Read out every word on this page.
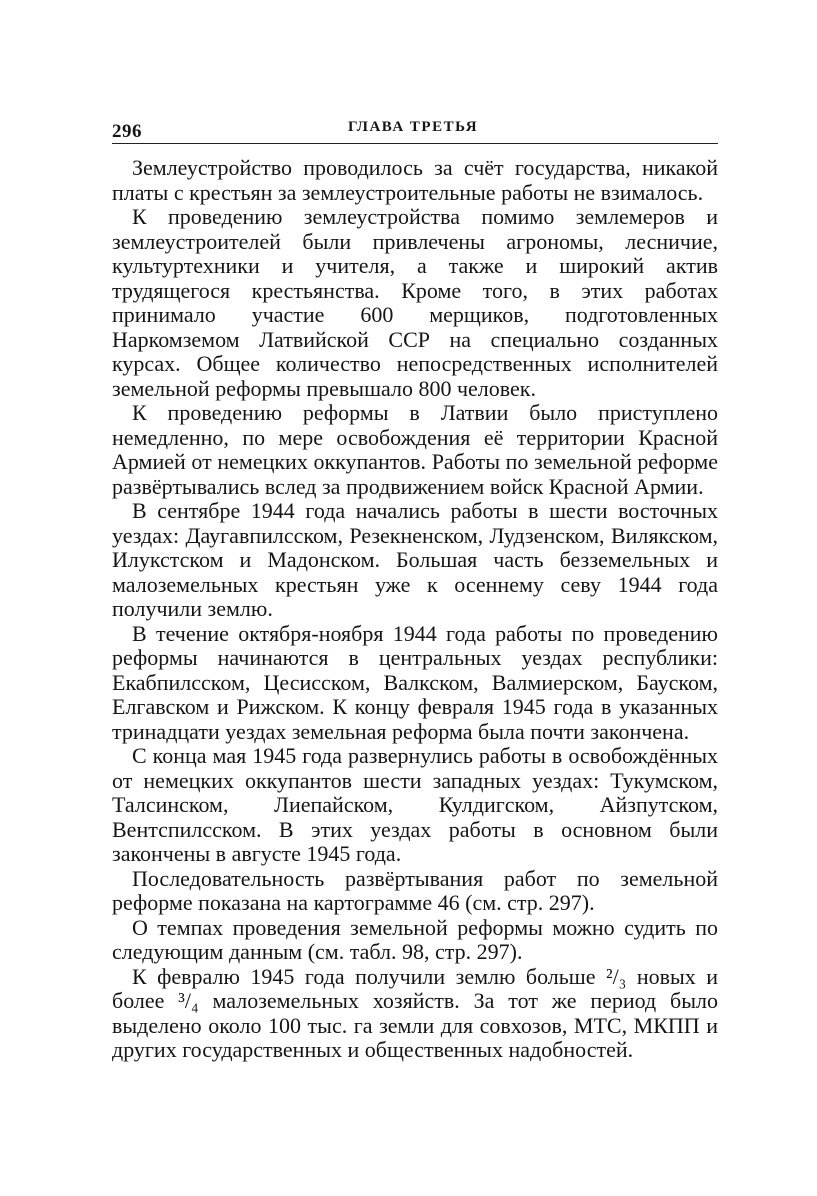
296	ГЛАВА ТРЕТЬЯ

Землеустройство проводилось за счёт государства, никакой платы с крестьян за землеустроительные работы не взималось.

К проведению землеустройства помимо землемеров и землеустроителей были привлечены агрономы, лесничие, культуртехники и учителя, а также и широкий актив трудящегося крестьянства. Кроме того, в этих работах принимало участие 600 мерщиков, подготовленных Наркомземом Латвийской ССР на специально созданных курсах. Общее количество непосредственных исполнителей земельной реформы превышало 800 человек.

К проведению реформы в Латвии было приступлено немедленно, по мере освобождения её территории Красной Армией от немецких оккупантов. Работы по земельной реформе развёртывались вслед за продвижением войск Красной Армии.

В сентябре 1944 года начались работы в шести восточных уездах: Даугавпилсском, Резекненском, Лудзенском, Вилякском, Илукстском и Мадонском. Большая часть безземельных и малоземельных крестьян уже к осеннему севу 1944 года получили землю.

В течение октября-ноября 1944 года работы по проведению реформы начинаются в центральных уездах республики: Екабпилсском, Цесисском, Валкском, Валмиерском, Бауском, Елгавском и Рижском. К концу февраля 1945 года в указанных тринадцати уездах земельная реформа была почти закончена.

С конца мая 1945 года развернулись работы в освобождённых от немецких оккупантов шести западных уездах: Тукумском, Талсинском, Лиепайском, Кулдигском, Айзпутском, Вентспилсском. В этих уездах работы в основном были закончены в августе 1945 года.

Последовательность развёртывания работ по земельной реформе показана на картограмме 46 (см. стр. 297).

О темпах проведения земельной реформы можно судить по следующим данным (см. табл. 98, стр. 297).

К февралю 1945 года получили землю больше ²/₃ новых и более ³/₄ малоземельных хозяйств. За тот же период было выделено около 100 тыс. га земли для совхозов, МТС, МКПП и других государственных и общественных надобностей.
